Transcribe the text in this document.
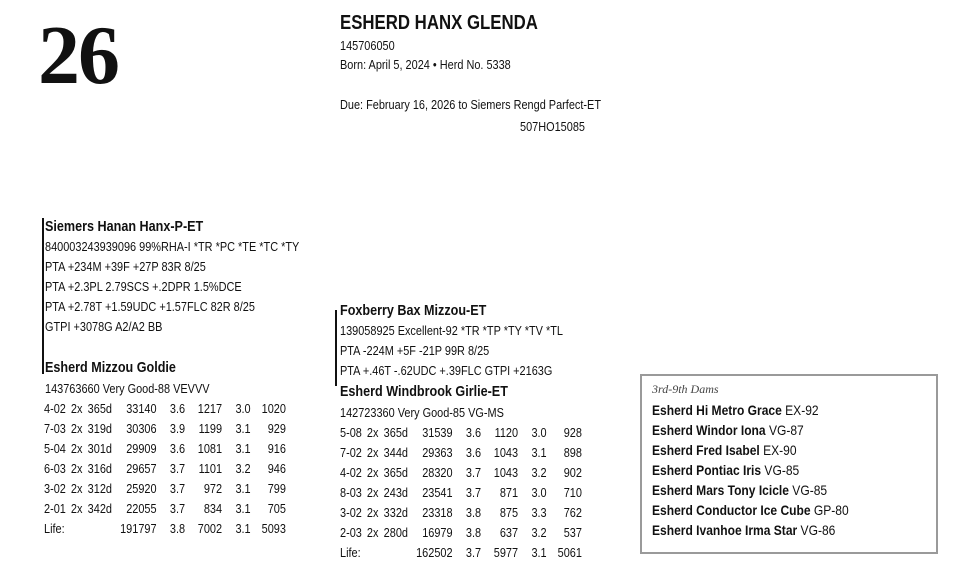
26	ESHERD HANX GLENDA
145706050
Born: April 5, 2024 • Herd No. 5338
Due: February 16, 2026 to Siemers Rengd Parfect-ET
507HO15085
Siemers Hanan Hanx-P-ET
840003243939096 99%RHA-I *TR *PC *TE *TC *TY
PTA +234M +39F +27P 83R 8/25
PTA +2.3PL 2.79SCS +.2DPR 1.5%DCE
PTA +2.78T +1.59UDC +1.57FLC 82R 8/25
GTPI +3078G A2/A2 BB
Esherd Mizzou Goldie
143763660 Very Good-88 VEVVV
4-02 2x 365d 33140 3.6 1217 3.0 1020
7-03 2x 319d 30306 3.9 1199 3.1 929
5-04 2x 301d 29909 3.6 1081 3.1 916
6-03 2x 316d 29657 3.7 1101 3.2 946
3-02 2x 312d 25920 3.7 972 3.1 799
2-01 2x 342d 22055 3.7 834 3.1 705
Life:	191797 3.8 7002 3.1 5093
Foxberry Bax Mizzou-ET
139058925 Excellent-92 *TR *TP *TY *TV *TL
PTA -224M +5F -21P 99R 8/25
PTA +.46T -.62UDC +.39FLC GTPI +2163G
Esherd Windbrook Girlie-ET
142723360 Very Good-85 VG-MS
5-08 2x 365d 31539 3.6 1120 3.0 928
7-02 2x 344d 29363 3.6 1043 3.1 898
4-02 2x 365d 28320 3.7 1043 3.2 902
8-03 2x 243d 23541 3.7 871 3.0 710
3-02 2x 332d 23318 3.8 875 3.3 762
2-03 2x 280d 16979 3.8 637 3.2 537
Life:	162502 3.7 5977 3.1 5061
3rd-9th Dams
Esherd Hi Metro Grace EX-92
Esherd Windor Iona VG-87
Esherd Fred Isabel EX-90
Esherd Pontiac Iris VG-85
Esherd Mars Tony Icicle VG-85
Esherd Conductor Ice Cube GP-80
Esherd Ivanhoe Irma Star VG-86
